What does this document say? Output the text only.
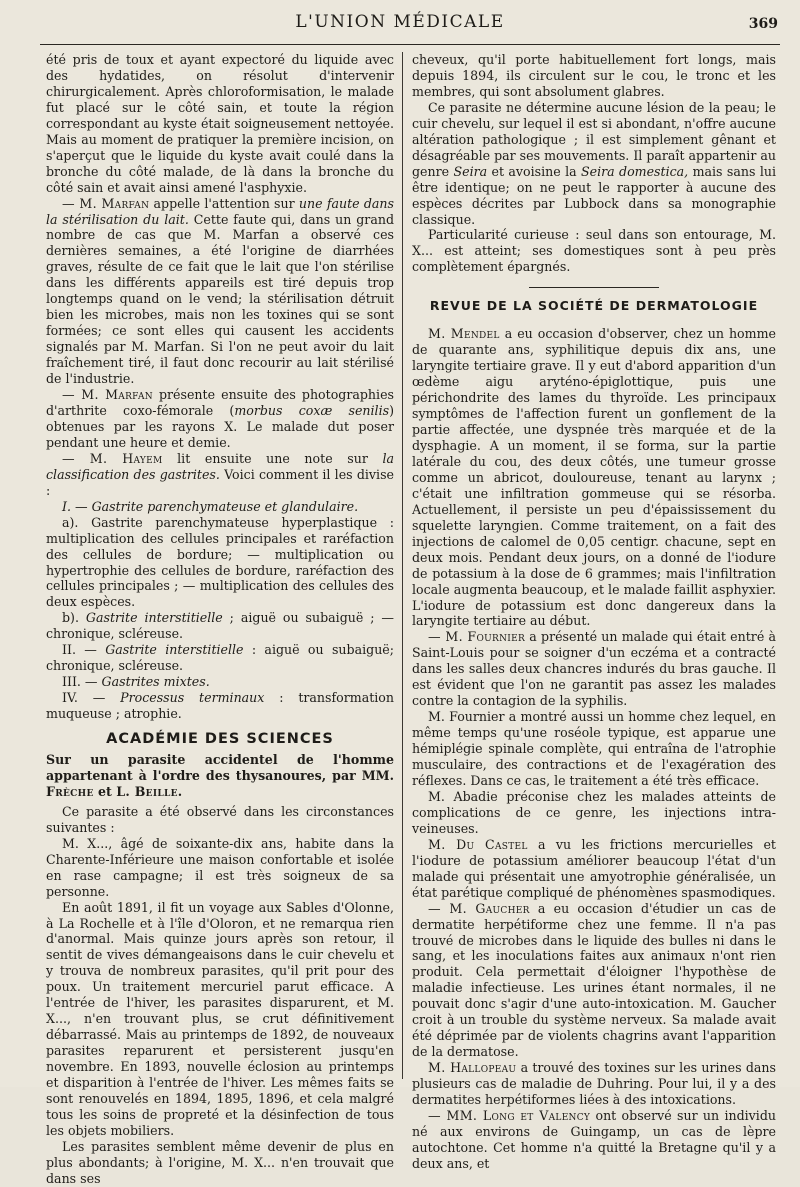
L'UNION MÉDICALE	369

été pris de toux et ayant expectoré du liquide avec des hydatides, on résolut d'intervenir chirurgicalement. Après chloroformisation, le malade fut placé sur le côté sain, et toute la région correspondant au kyste était soigneusement nettoyée. Mais au moment de pratiquer la première incision, on s'aperçut que le liquide du kyste avait coulé dans la bronche du côté malade, de là dans la bronche du côté sain et avait ainsi amené l'asphyxie.

— M. Marfan appelle l'attention sur une faute dans la stérilisation du lait. Cette faute qui, dans un grand nombre de cas que M. Marfan a observé ces dernières semaines, a été l'origine de diarrhées graves, résulte de ce fait que le lait que l'on stérilise dans les différents appareils est tiré depuis trop longtemps quand on le vend; la stérilisation détruit bien les microbes, mais non les toxines qui se sont formées; ce sont elles qui causent les accidents signalés par M. Marfan. Si l'on ne peut avoir du lait fraîchement tiré, il faut donc recourir au lait stérilisé de l'industrie.

— M. Marfan présente ensuite des photographies d'arthrite coxo-fémorale (morbus coxæ senilis) obtenues par les rayons X. Le malade dut poser pendant une heure et demie.

— M. Hayem lit ensuite une note sur la classification des gastrites. Voici comment il les divise :

I. — Gastrite parenchymateuse et glandulaire.

a). Gastrite parenchymateuse hyperplastique : multiplication des cellules principales et raréfaction des cellules de bordure; — multiplication ou hypertrophie des cellules de bordure, raréfaction des cellules principales ; — multiplication des cellules des deux espèces.

b). Gastrite interstitielle ; aiguë ou subaiguë ; — chronique, scléreuse.

II. — Gastrite interstitielle : aiguë ou subaiguë; chronique, scléreuse.

III. — Gastrites mixtes.

IV. — Processus terminaux : transformation muqueuse ; atrophie.

ACADÉMIE DES SCIENCES

Sur un parasite accidentel de l'homme appartenant à l'ordre des thysanoures, par MM. Frèche et L. Beille.

Ce parasite a été observé dans les circonstances suivantes :

M. X..., âgé de soixante-dix ans, habite dans la Charente-Inférieure une maison confortable et isolée en rase campagne; il est très soigneux de sa personne.

En août 1891, il fit un voyage aux Sables d'Olonne, à La Rochelle et à l'île d'Oloron, et ne remarqua rien d'anormal. Mais quinze jours après son retour, il sentit de vives démangeaisons dans le cuir chevelu et y trouva de nombreux parasites, qu'il prit pour des poux. Un traitement mercuriel parut efficace. A l'entrée de l'hiver, les parasites disparurent, et M. X..., n'en trouvant plus, se crut définitivement débarrassé. Mais au printemps de 1892, de nouveaux parasites reparurent et persisterent jusqu'en novembre. En 1893, nouvelle éclosion au printemps et disparition à l'entrée de l'hiver. Les mêmes faits se sont renouvelés en 1894, 1895, 1896, et cela malgré tous les soins de propreté et la désinfection de tous les objets mobiliers.

Les parasites semblent même devenir de plus en plus abondants; à l'origine, M. X... n'en trouvait que dans ses

cheveux, qu'il porte habituellement fort longs, mais depuis 1894, ils circulent sur le cou, le tronc et les membres, qui sont absolument glabres.

Ce parasite ne détermine aucune lésion de la peau; le cuir chevelu, sur lequel il est si abondant, n'offre aucune altération pathologique ; il est simplement gênant et désagréable par ses mouvements. Il paraît appartenir au genre Seira et avoisine la Seira domestica, mais sans lui être identique; on ne peut le rapporter à aucune des espèces décrites par Lubbock dans sa monographie classique.

Particularité curieuse : seul dans son entourage, M. X... est atteint; ses domestiques sont à peu près complètement épargnés.

REVUE DE LA SOCIÉTÉ DE DERMATOLOGIE

M. Mendel a eu occasion d'observer, chez un homme de quarante ans, syphilitique depuis dix ans, une laryngite tertiaire grave. Il y eut d'abord apparition d'un œdème aigu aryténo-épiglottique, puis une périchondrite des lames du thyroïde. Les principaux symptômes de l'affection furent un gonflement de la partie affectée, une dyspnée très marquée et de la dysphagie. A un moment, il se forma, sur la partie latérale du cou, des deux côtés, une tumeur grosse comme un abricot, douloureuse, tenant au larynx ; c'était une infiltration gommeuse qui se résorba. Actuellement, il persiste un peu d'épaississement du squelette laryngien. Comme traitement, on a fait des injections de calomel de 0,05 centigr. chacune, sept en deux mois. Pendant deux jours, on a donné de l'iodure de potassium à la dose de 6 grammes; mais l'infiltration locale augmenta beaucoup, et le malade faillit asphyxier. L'iodure de potassium est donc dangereux dans la laryngite tertiaire au début.

— M. Fournier a présenté un malade qui était entré à Saint-Louis pour se soigner d'un eczéma et a contracté dans les salles deux chancres indurés du bras gauche. Il est évident que l'on ne garantit pas assez les malades contre la contagion de la syphilis.

M. Fournier a montré aussi un homme chez lequel, en même temps qu'une roséole typique, est apparue une hémiplégie spinale complète, qui entraîna de l'atrophie musculaire, des contractions et de l'exagération des réflexes. Dans ce cas, le traitement a été très efficace.

M. Abadie préconise chez les malades atteints de complications de ce genre, les injections intra-veineuses.

M. Du Castel a vu les frictions mercurielles et l'iodure de potassium améliorer beaucoup l'état d'un malade qui présentait une amyotrophie généralisée, un état parétique compliqué de phénomènes spasmodiques.

— M. Gaucher a eu occasion d'étudier un cas de dermatite herpétiforme chez une femme. Il n'a pas trouvé de microbes dans le liquide des bulles ni dans le sang, et les inoculations faites aux animaux n'ont rien produit. Cela permettait d'éloigner l'hypothèse de maladie infectieuse. Les urines étant normales, il ne pouvait donc s'agir d'une auto-intoxication. M. Gaucher croit à un trouble du système nerveux. Sa malade avait été déprimée par de violents chagrins avant l'apparition de la dermatose.

M. Hallopeau a trouvé des toxines sur les urines dans plusieurs cas de maladie de Duhring. Pour lui, il y a des dermatites herpétiformes liées à des intoxications.

— MM. Long et Valency ont observé sur un individu né aux environs de Guingamp, un cas de lèpre autochtone. Cet homme n'a quitté la Bretagne qu'il y a deux ans, et
